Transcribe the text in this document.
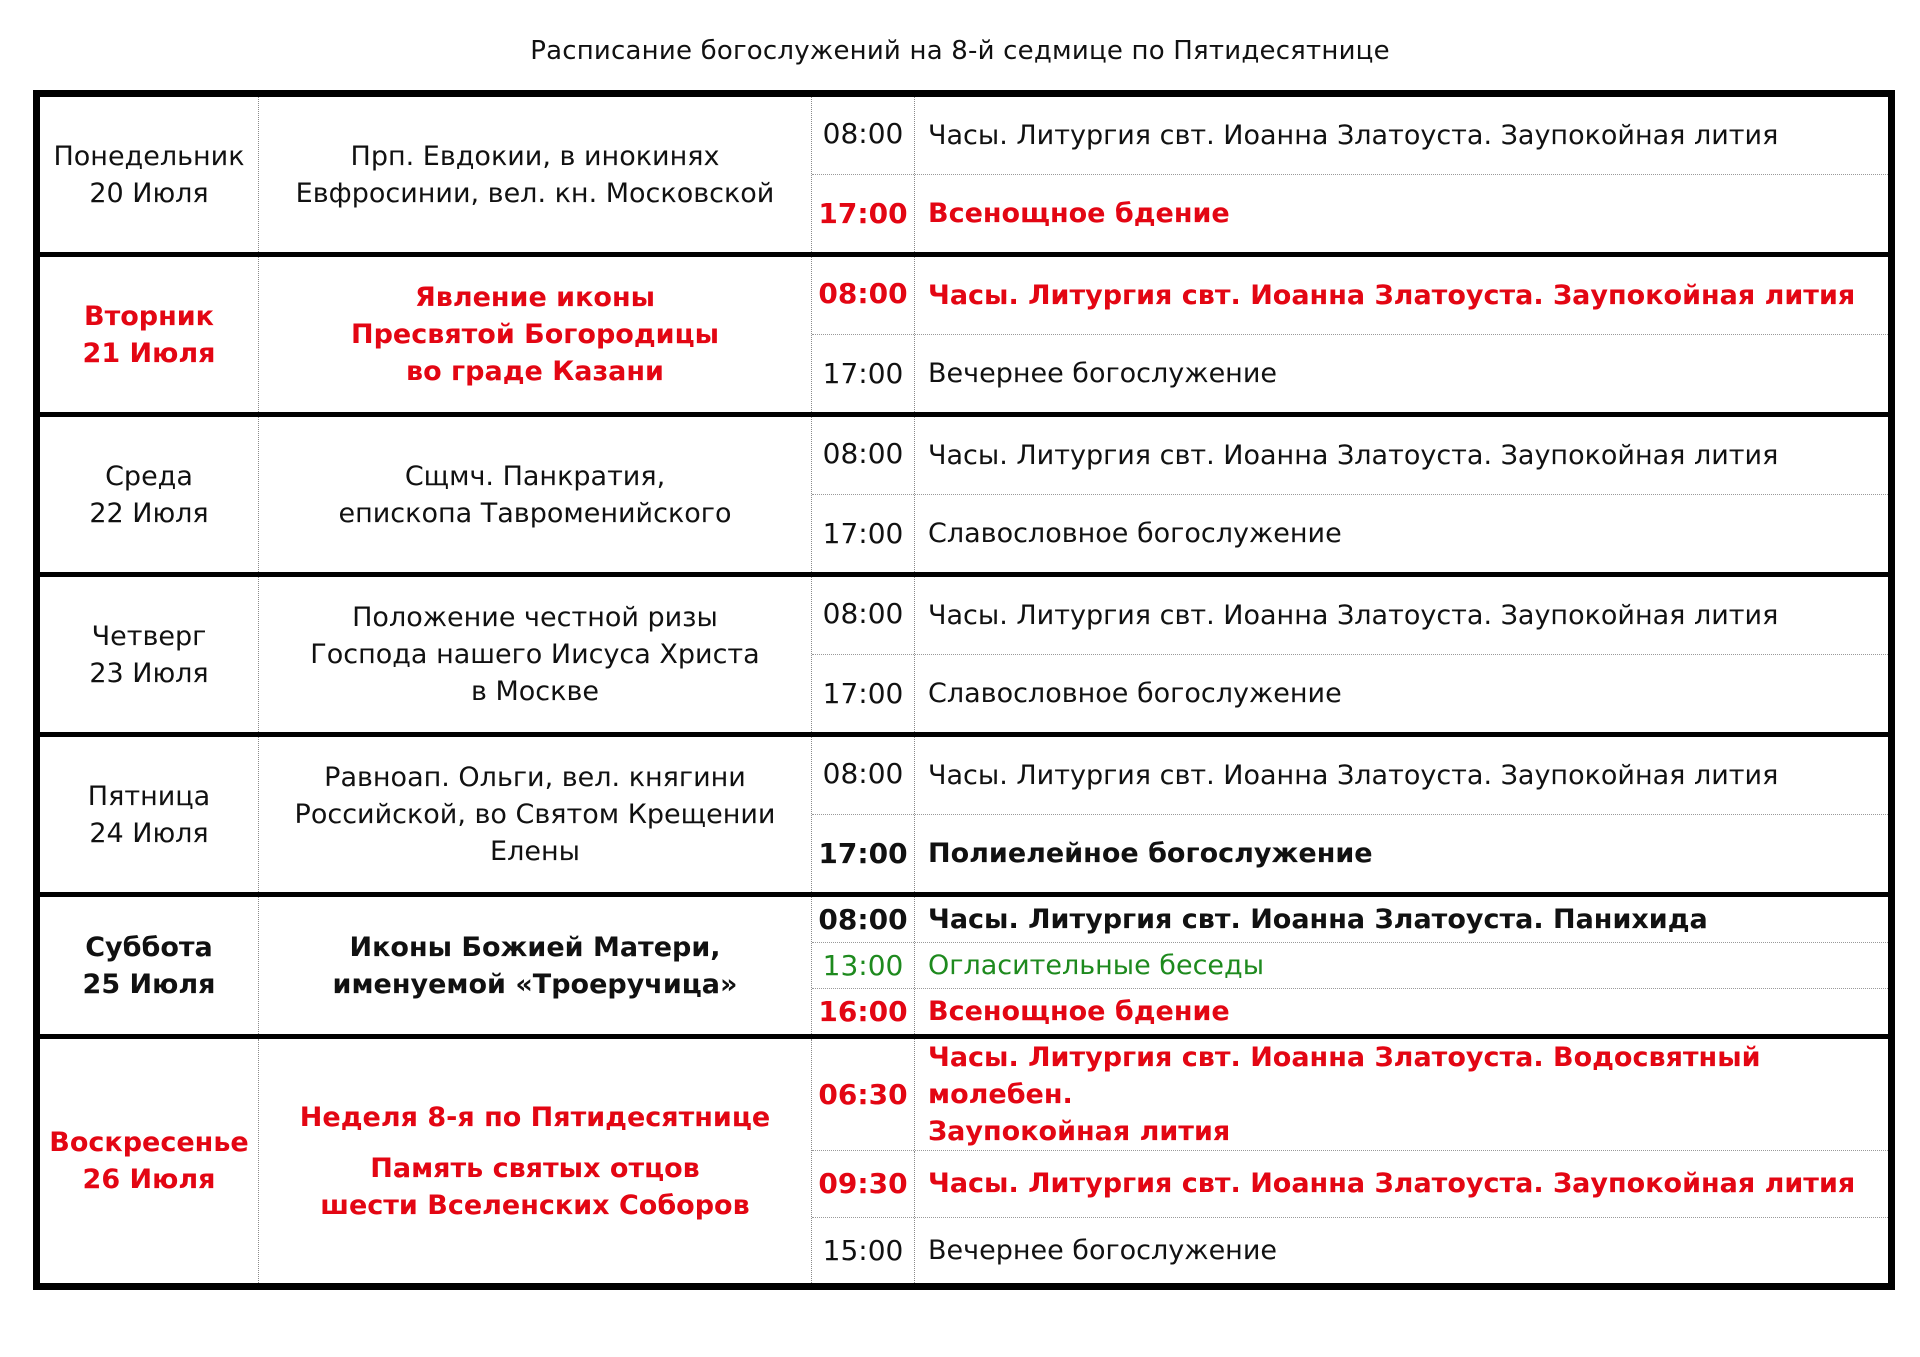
Расписание богослужений на 8-й седмице по Пятидесятнице
Понедельник
20 Июля
Прп. Евдокии, в инокинях
Евфросинии, вел. кн. Московской
08:00 Часы. Литургия свт. Иоанна Златоуста. Заупокойная лития
17:00 Всенощное бдение
Вторник
21 Июля
Явление иконы
Пресвятой Богородицы
во граде Казани
08:00 Часы. Литургия свт. Иоанна Златоуста. Заупокойная лития
17:00 Вечернее богослужение
Среда
22 Июля
Сщмч. Панкратия,
епископа Тавроменийского
08:00 Часы. Литургия свт. Иоанна Златоуста. Заупокойная лития
17:00 Славословное богослужение
Четверг
23 Июля
Положение честной ризы
Господа нашего Иисуса Христа
в Москве
08:00 Часы. Литургия свт. Иоанна Златоуста. Заупокойная лития
17:00 Славословное богослужение
Пятница
24 Июля
Равноап. Ольги, вел. княгини
Российской, во Святом Крещении
Елены
08:00 Часы. Литургия свт. Иоанна Златоуста. Заупокойная лития
17:00 Полиелейное богослужение
Суббота
25 Июля
Иконы Божией Матери,
именуемой «Троеручица»
08:00 Часы. Литургия свт. Иоанна Златоуста. Панихида
13:00 Огласительные беседы
16:00 Всенощное бдение
Воскресенье
26 Июля
Неделя 8-я по Пятидесятнице
Память святых отцов
шести Вселенских Соборов
06:30
Часы. Литургия свт. Иоанна Златоуста. Водосвятный молебен.
Заупокойная лития
09:30 Часы. Литургия свт. Иоанна Златоуста. Заупокойная лития
15:00 Вечернее богослужение
